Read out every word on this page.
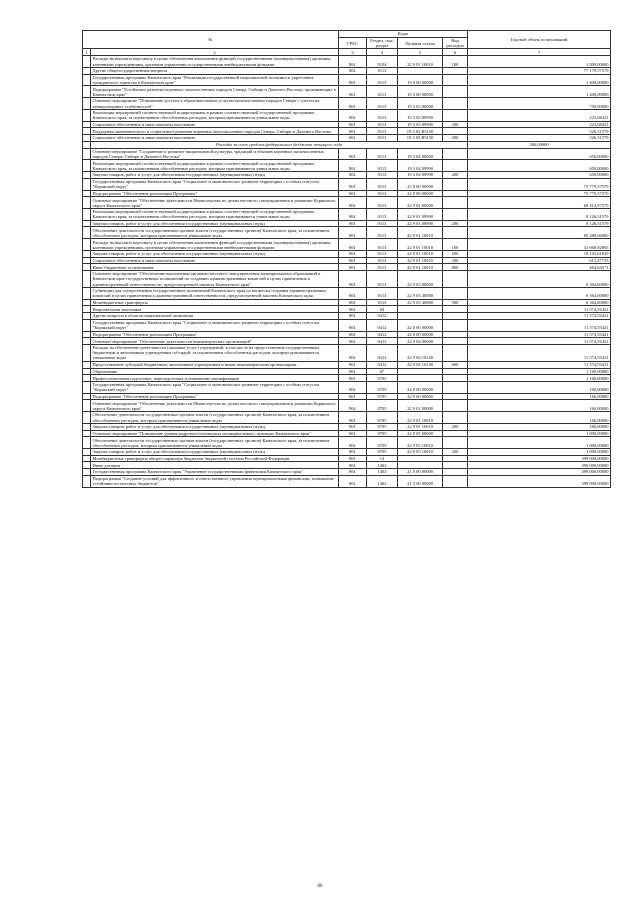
№		Коды				Годовой объем ассигнований
		ГРБС	Раздел, под-раздел	Целевая статья	Вид расходов	
1	2	3	4	5	6	7
	Расходы на выплаты персоналу в целях обеспечения выполнения функций государственными (муниципальными) органами, казенными учреждениями, органами управления государственными внебюджетными фондами	861	0104	22 9 01 10010	100	3 999,00000
	Другие общегосударственные вопросы	861	0113			77 179,57579
	Государственная программа Камчатского края "Реализация государственной национальной политики и укрепление гражданского единства в Камчатском крае"	861	0113	19 0 00 00000		1 400,00000
	Подпрограмма "Устойчивое развитие коренных малочисленных народов Севера, Сибири и Дальнего Востока, проживающих в Камчатском крае"	861	0113	19 3 00 00000		1 400,00000
	Основное мероприятие "Повышение доступа к образовательным услугам малочисленных народов Севера с учетом их этнокультурных особенностей"	861	0113	19 3 03 00000		750,00000
	Реализация мероприятий соответствующей подпрограммы в рамках соответствующей государственной программы Камчатского края, за исключением обособленных расходов, которым присваиваются уникальные коды	861	0113	19 3 03 09990		223,68421
	Социальное обеспечение и иные выплаты населению	861	0113	19 3 03 09990	300	223,68421
	Поддержка экономического и социального развития коренных малочисленных народов Севера, Сибири и Дальнего Востока	861	0113	19 3 03 R5150		526,31579
	Социальное обеспечение и иные выплаты населению	861	0113	19 3 03 R5150	300	526,31579
	Расходы за счет средств федерального бюджета текущего года					500,00000
	Основное мероприятие "Сохранение и развитие национальной культуры, традиций и обычаев коренных малочисленных народов Севера, Сибири и Дальнего Востока"	861	0113	19 3 04 00000		650,00000
	Реализация мероприятий соответствующей подпрограммы в рамках соответствующей государственной программы Камчатского края, за исключением обособленных расходов, которым присваиваются уникальные коды	861	0113	19 3 04 09990		650,00000
	Закупка товаров, работ и услуг для обеспечения государственных (муниципальных) нужд	861	0113	19 3 04 09990	200	650,00000
	Государственная программа Камчатского края "Социальное и экономическое развитие территории с особым статусом "Корякский округ"	861	0113	22 0 00 00000		75 779,57579
	Подпрограмма "Обеспечение реализации Программы"	861	0113	22 9 00 00000		75 779,57579
	Основное мероприятие "Обеспечение деятельности Министерства по делам местного самоуправления и развитию Корякского округа Камчатского края"	861	0113	22 9 01 00000		69 414,97579
	Реализация мероприятий соответствующей подпрограммы в рамках соответствующей государственной программы Камчатского края, за исключением обособленных расходов, которым присваиваются уникальные коды	861	0113	22 9 01 09990		9 126,31579
	Закупка товаров, работ и услуг для обеспечения государственных (муниципальных) нужд	861	0113	22 9 01 09990	200	9 126,31579
	Обеспечение деятельности государственных органов власти (государственных органов) Камчатского края, за исключением обособленных расходов, которым присваиваются уникальные коды	861	0113	22 9 01 10010		60 288,66000
	Расходы на выплаты персоналу в целях обеспечения выполнения функций государственными (муниципальными) органами, казенными учреждениями, органами управления государственными внебюджетными фондами	861	0113	22 9 01 10010	100	41 668,92865
	Закупка товаров, работ и услуг для обеспечения государственных (муниципальных) нужд	861	0113	22 9 01 10010	200	18 141,61629
	Социальное обеспечение и иные выплаты населению	861	0113	22 9 01 10010	300	613,47735
	Иные бюджетные ассигнования	861	0113	22 9 01 10010	800	464,64571
	Основное мероприятие "Обеспечение выполнения органами местного самоуправления муниципальных образований в Камчатском крае государственных полномочий по созданию административных комиссий в целях привлечения к административной ответственности, предусмотренной законом Камчатского края"	861	0113	22 9 03 00000		6 364,60000
	Субвенции для осуществления государственных полномочий Камчатского края по вопросам создания административных комиссий в целях привлечения к административной ответственности, предусмотренной законом Камчатского края	861	0113	22 9 03 40080		6 364,60000
	Межбюджетные трансферты	861	0113	22 9 03 40080	500	6 364,60000
	Национальная экономика	861	04			11 574,55421
	Другие вопросы в области национальной экономики	861	0412			11 574,55421
	Государственная программа Камчатского края "Социальное и экономическое развитие территории с особым статусом "Корякский округ"	861	0412	22 0 00 00000		11 574,55421
	Подпрограмма "Обеспечение реализации Программы"	861	0412	22 9 00 00000		11 574,55421
	Основное мероприятие "Обеспечение деятельности некоммерческих организаций"	861	0412	22 9 04 00000		11 574,55421
	Расходы на обеспечение деятельности (оказание услуг) учреждений, в том числе на предоставление государственным бюджетным и автономным учреждениям субсидий, за исключением обособленных расходов, которым присваиваются уникальные коды	861	0412	22 9 04 10140		11 574,55421
	Предоставление субсидий бюджетным, автономным учреждениям и иным некоммерческим организациям	861	0412	22 9 04 10140	600	11 574,55421
	Образование	861	07			1 160,00000
	Профессиональная подготовка, переподготовка и повышение квалификации	861	0705			1 160,00000
	Государственная программа Камчатского края "Социальное и экономическое развитие территории с особым статусом "Корякский округ"	861	0705	22 0 00 00000		160,00000
	Подпрограмма "Обеспечение реализации Программы"	861	0705	22 9 00 00000		160,00000
	Основное мероприятие "Обеспечение деятельности Министерства по делам местного самоуправления и развитию Корякского округа Камчатского края"	861	0705	22 9 01 00000		160,00000
	Обеспечение деятельности государственных органов власти (государственных органов) Камчатского края, за исключением обособленных расходов, которым присваиваются уникальные коды	861	0705	22 9 01 10010		160,00000
	Закупка товаров, работ и услуг для обеспечения государственных (муниципальных) нужд	861	0705	22 9 01 10010	200	160,00000
	Основное мероприятие "Повышение уровня кадрового потенциала муниципальных служащих Камчатского края"	861	0705	22 9 05 00000		1 000,00000
	Обеспечение деятельности государственных органов власти (государственных органов) Камчатского края, за исключением обособленных расходов, которым присваиваются уникальные коды	861	0705	22 9 05 10010		1 000,00000
	Закупка товаров, работ и услуг для обеспечения государственных (муниципальных) нужд	861	0705	22 9 05 10010	200	1 000,00000
	Межбюджетные трансферты общего характера бюджетам бюджетной системы Российской Федерации	861	14			399 000,00000
	Иные дотации	861	1402			399 000,00000
	Государственная программа Камчатского края "Управление государственными финансами Камчатского края"	861	1402	21 0 00 00000		399 000,00000
	Подпрограмма "Создание условий для эффективного и ответственного управления муниципальными финансами, повышение устойчивости местных бюджетов"	861	1402	21 3 00 00000		399 000,00000
66
